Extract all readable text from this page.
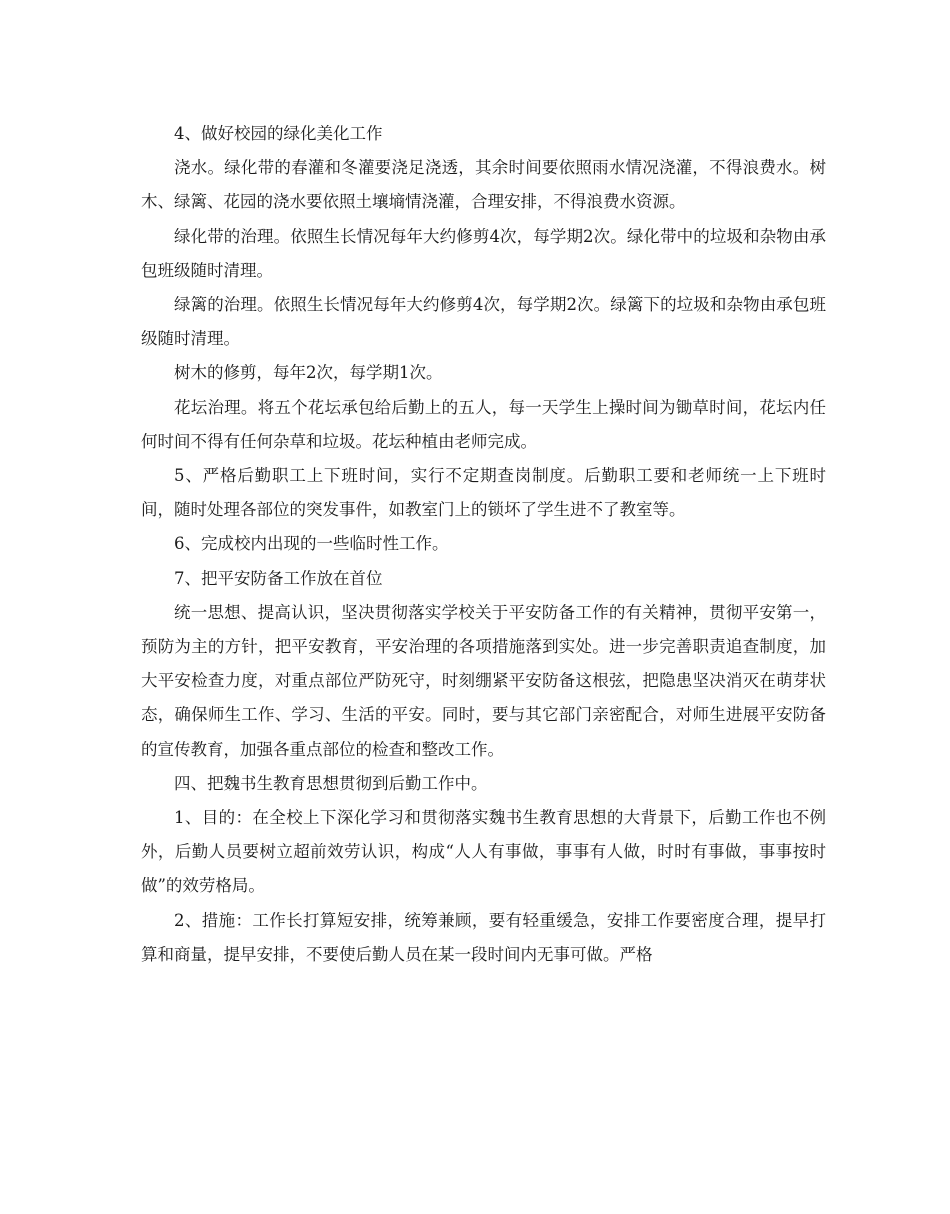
4、做好校园的绿化美化工作

浇水。绿化带的春灌和冬灌要浇足浇透，其余时间要依照雨水情况浇灌，不得浪费水。树木、绿篱、花园的浇水要依照土壤墒情浇灌，合理安排，不得浪费水资源。

绿化带的治理。依照生长情况每年大约修剪4次，每学期2次。绿化带中的垃圾和杂物由承包班级随时清理。

绿篱的治理。依照生长情况每年大约修剪4次，每学期2次。绿篱下的垃圾和杂物由承包班级随时清理。

树木的修剪，每年2次，每学期1次。

花坛治理。将五个花坛承包给后勤上的五人，每一天学生上操时间为锄草时间，花坛内任何时间不得有任何杂草和垃圾。花坛种植由老师完成。

5、严格后勤职工上下班时间，实行不定期查岗制度。后勤职工要和老师统一上下班时间，随时处理各部位的突发事件，如教室门上的锁坏了学生进不了教室等。

6、完成校内出现的一些临时性工作。

7、把平安防备工作放在首位

统一思想、提高认识，坚决贯彻落实学校关于平安防备工作的有关精神，贯彻平安第一，预防为主的方针，把平安教育，平安治理的各项措施落到实处。进一步完善职责追查制度，加大平安检查力度，对重点部位严防死守，时刻绷紧平安防备这根弦，把隐患坚决消灭在萌芽状态，确保师生工作、学习、生活的平安。同时，要与其它部门亲密配合，对师生进展平安防备的宣传教育，加强各重点部位的检查和整改工作。

四、把魏书生教育思想贯彻到后勤工作中。

1、目的：在全校上下深化学习和贯彻落实魏书生教育思想的大背景下，后勤工作也不例外，后勤人员要树立超前效劳认识，构成“人人有事做，事事有人做，时时有事做，事事按时做”的效劳格局。

2、措施：工作长打算短安排，统筹兼顾，要有轻重缓急，安排工作要密度合理，提早打算和商量，提早安排，不要使后勤人员在某一段时间内无事可做。严格
